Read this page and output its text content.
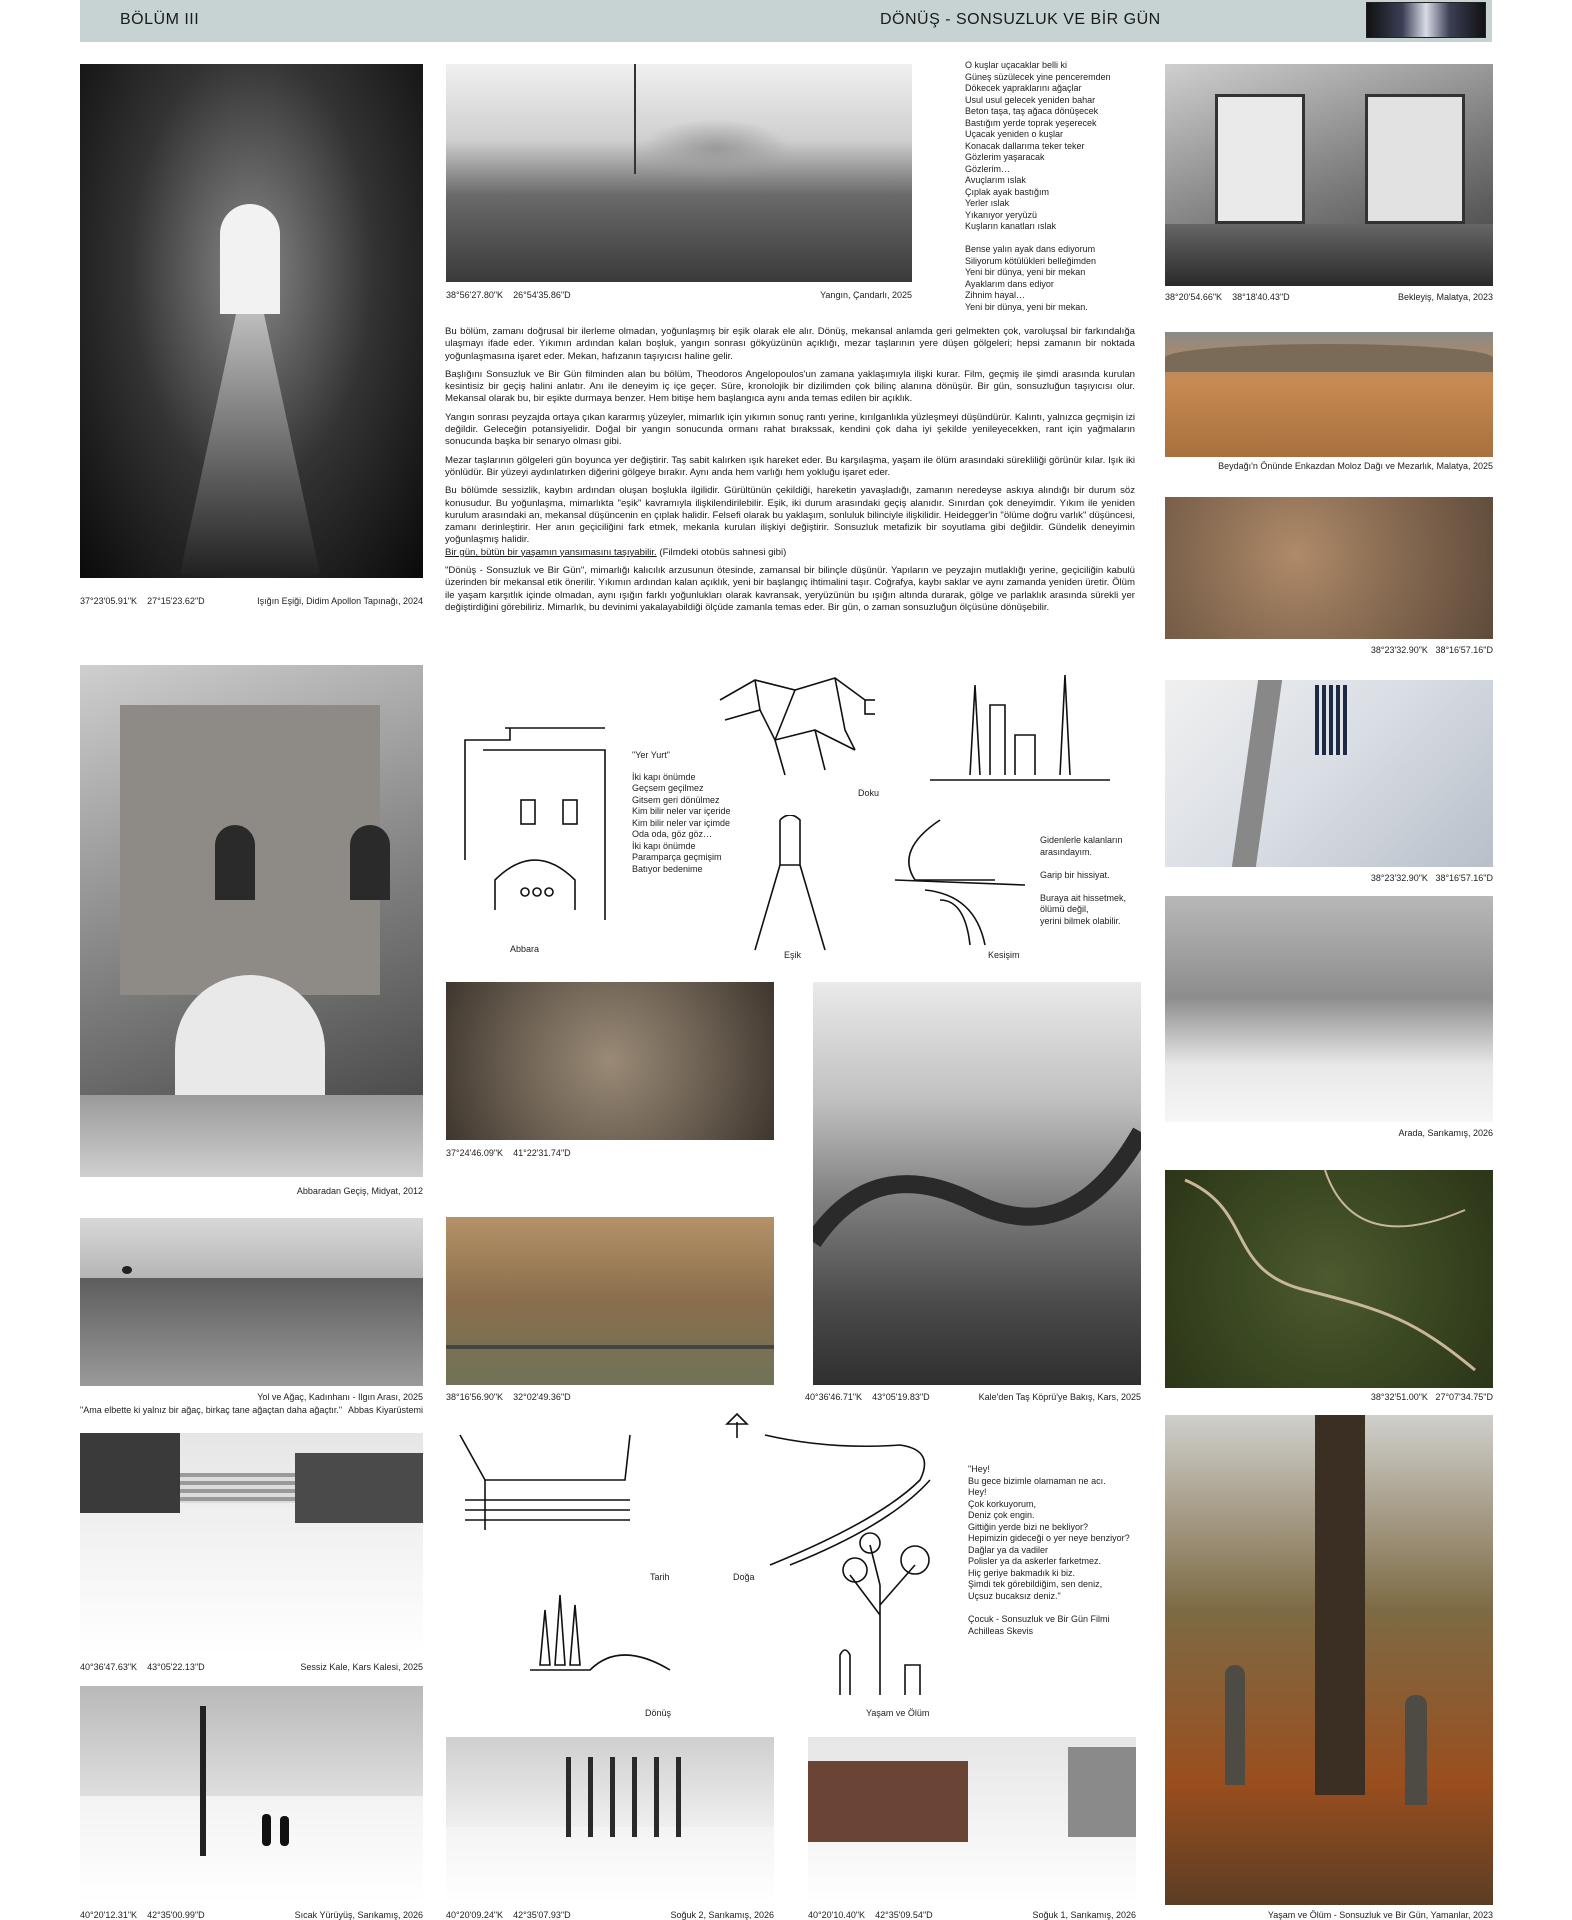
BÖLÜM III	DÖNÜŞ - SONSUZLUK VE BİR GÜN
37°23'05.91"K 27°15'23.62"D	Işığın Eşiği, Didim Apollon Tapınağı, 2024
Abbaradan Geçiş, Midyat, 2012
Yol ve Ağaç, Kadınhanı - Ilgın Arası, 2025
"Ama elbette ki yalnız bir ağaç, birkaç tane ağaçtan daha ağaçtır." Abbas Kiyarüstemi
40°36'47.63"K 43°05'22.13"D	Sessiz Kale, Kars Kalesi, 2025
40°20'12.31"K 42°35'00.99"D	Sıcak Yürüyüş, Sarıkamış, 2026
38°56'27.80"K 26°54'35.86"D	Yangın, Çandarlı, 2025
O kuşlar uçacaklar belli ki
Güneş süzülecek yine penceremden
Dökecek yapraklarını ağaçlar
Usul usul gelecek yeniden bahar
Beton taşa, taş ağaca dönüşecek
Bastığım yerde toprak yeşerecek
Uçacak yeniden o kuşlar
Konacak dallarıma teker teker
Gözlerim yaşaracak
Gözlerim…
Avuçlarım ıslak
Çıplak ayak bastığım
Yerler ıslak
Yıkanıyor yeryüzü
Kuşların kanatları ıslak
Bense yalın ayak dans ediyorum
Siliyorum kötülükleri belleğimden
Yeni bir dünya, yeni bir mekan
Ayaklarım dans ediyor
Zihnim hayal…
Yeni bir dünya, yeni bir mekan.

Bu bölüm, zamanı doğrusal bir ilerleme olmadan, yoğunlaşmış bir eşik olarak ele alır. Dönüş, mekansal anlamda geri gelmekten çok, varoluşsal bir farkındalığa ulaşmayı ifade eder. Yıkımın ardından kalan boşluk, yangın sonrası gökyüzünün açıklığı, mezar taşlarının yere düşen gölgeleri; hepsi zamanın bir noktada yoğunlaşmasına işaret eder. Mekan, hafızanın taşıyıcısı haline gelir.

Başlığını Sonsuzluk ve Bir Gün filminden alan bu bölüm, Theodoros Angelopoulos'un zamana yaklaşımıyla ilişki kurar. Film, geçmiş ile şimdi arasında kurulan kesintisiz bir geçiş halini anlatır. Anı ile deneyim iç içe geçer. Süre, kronolojik bir dizilimden çok bilinç alanına dönüşür. Bir gün, sonsuzluğun taşıyıcısı olur. Mekansal olarak bu, bir eşikte durmaya benzer. Hem bitişe hem başlangıca aynı anda temas edilen bir açıklık.

Yangın sonrası peyzajda ortaya çıkan kararmış yüzeyler, mimarlık için yıkımın sonuç rantı yerine, kırılganlıkla yüzleşmeyi düşündürür. Kalıntı, yalnızca geçmişin izi değildir. Geleceğin potansiyelidir. Doğal bir yangın sonucunda ormanı rahat bırakssak, kendini çok daha iyi şekilde yenileyecekken, rant için yağmaların sonucunda başka bir senaryo olması gibi.

Mezar taşlarının gölgeleri gün boyunca yer değiştirir. Taş sabit kalırken ışık hareket eder. Bu karşılaşma, yaşam ile ölüm arasındaki sürekliliği görünür kılar. Işık iki yönlüdür. Bir yüzeyi aydınlatırken diğerini gölgeye bırakır. Aynı anda hem varlığı hem yokluğu işaret eder.

Bu bölümde sessizlik, kaybın ardından oluşan boşlukla ilgilidir. Gürültünün çekildiği, hareketin yavaşladığı, zamanın neredeyse askıya alındığı bir durum söz konusudur. Bu yoğunlaşma, mimarlıkta "eşik" kavramıyla ilişkilendirilebilir. Eşik, iki durum arasındaki geçiş alanıdır. Sınırdan çok deneyimdir. Yıkım ile yeniden kurulum arasındaki an, mekansal düşüncenin en çıplak halidir. Felsefi olarak bu yaklaşım, sonluluk bilinciyle ilişkilidir. Heidegger'in "ölüme doğru varlık" düşüncesi, zamanı derinleştirir. Her anın geçiciliğini fark etmek, mekanla kurulan ilişkiyi değiştirir. Sonsuzluk metafizik bir soyutlama gibi değildir. Gündelik deneyimin yoğunlaşmış halidir.
Bir gün, bütün bir yaşamın yansımasını taşıyabilir. (Filmdeki otobüs sahnesi gibi)

"Dönüş - Sonsuzluk ve Bir Gün", mimarlığı kalıcılık arzusunun ötesinde, zamansal bir bilinçle düşünür. Yapıların ve peyzajın mutlaklığı yerine, geçiciliğin kabulü üzerinden bir mekansal etik önerilir. Yıkımın ardından kalan açıklık, yeni bir başlangıç ihtimalini taşır. Coğrafya, kaybı saklar ve aynı zamanda yeniden üretir. Ölüm ile yaşam karşıtlık içinde olmadan, aynı ışığın farklı yoğunlukları olarak kavransak, yeryüzünün bu ışığın altında durarak, gölge ve parlaklık arasında sürekli yer değiştirdiğini görebiliriz. Mimarlık, bu devinimi yakalayabildiği ölçüde zamanla temas eder. Bir gün, o zaman sonsuzluğun ölçüsüne dönüşebilir.

38°20'54.66"K 38°18'40.43"D	Bekleyiş, Malatya, 2023
Beydağı'n Önünde Enkazdan Moloz Dağı ve Mezarlık, Malatya, 2025
38°23'32.90"K 38°16'57.16"D
38°23'32.90"K 38°16'57.16"D
Arada, Sarıkamış, 2026
38°32'51.00"K 27°07'34.75"D
Yaşam ve Ölüm - Sonsuzluk ve Bir Gün, Yamanlar, 2023
Abbara
"Yer Yurt"
İki kapı önümde
Geçsem geçilmez
Gitsem geri dönülmez
Kim bilir neler var içeride
Kim bilir neler var içimde
Oda oda, göz göz…
İki kapı önümde
Paramparça geçmişim
Batıyor bedenime
Doku
Eşik	Kesişim
Gidenlerle kalanların
arasındayım.
Garip bir hissiyat.
Buraya ait hissetmek,
ölümü değil,
yerini bilmek olabilir.
37°24'46.09"K 41°22'31.74"D
38°16'56.90"K 32°02'49.36"D	40°36'46.71"K 43°05'19.83"D	Kale'den Taş Köprü'ye Bakış, Kars, 2025
Tarih	Doğa
Dönüş	Yaşam ve Ölüm
"Hey!
Bu gece bizimle olamaman ne acı.
Hey!
Çok korkuyorum,
Deniz çok engin.
Gittiğin yerde bizi ne bekliyor?
Hepimizin gideceği o yer neye benziyor?
Dağlar ya da vadiler
Polisler ya da askerler farketmez.
Hiç geriye bakmadık ki biz.
Şimdi tek görebildiğim, sen deniz,
Uçsuz bucaksız deniz."
Çocuk - Sonsuzluk ve Bir Gün Filmi
Achilleas Skevis
40°20'09.24"K 42°35'07.93"D	Soğuk 2, Sarıkamış, 2026	40°20'10.40"K 42°35'09.54"D	Soğuk 1, Sarıkamış, 2026
